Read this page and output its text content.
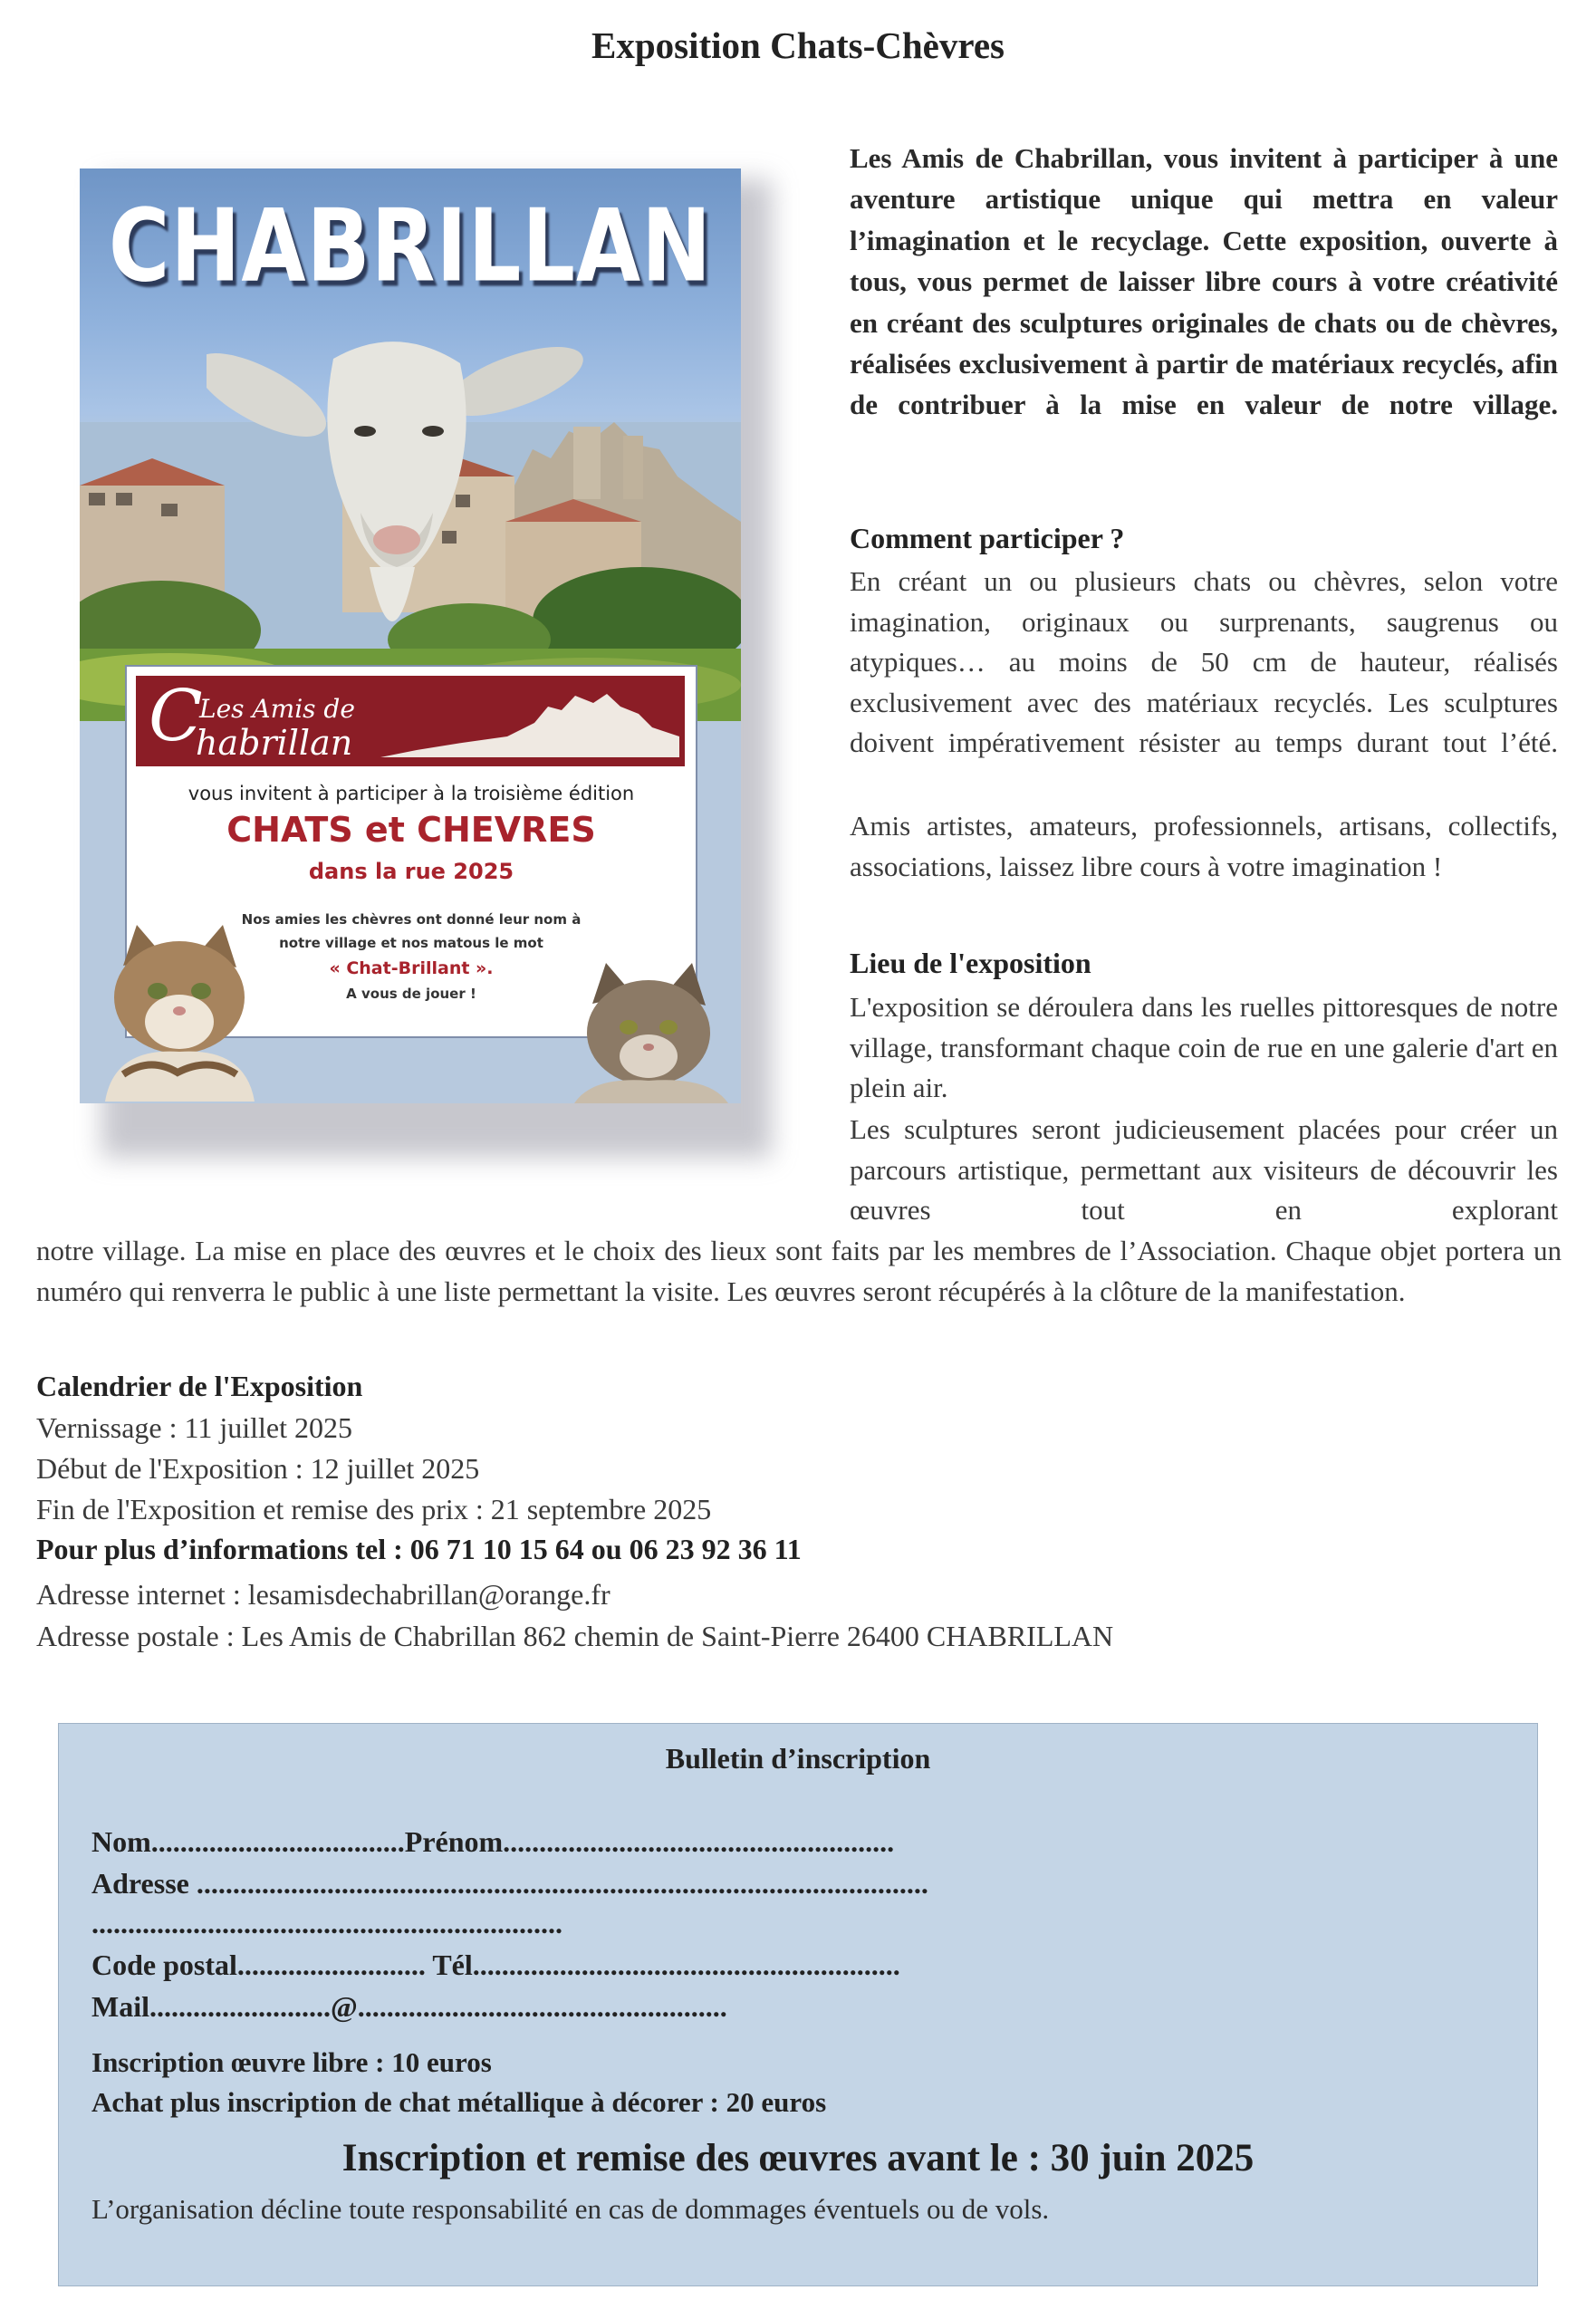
Exposition Chats-Chèvres
CHABRILLAN
C
Les Amis de
habrillan
vous invitent à participer à la troisième édition
CHATS et CHEVRES
dans la rue 2025
Nos amies les chèvres ont donné leur nom à
notre village et nos matous le mot
« Chat-Brillant ».
A vous de jouer !
Les Amis de Chabrillan, vous invitent à participer à une aventure artistique unique qui mettra en valeur l’imagination et le recyclage. Cette exposition, ouverte à tous, vous permet de laisser libre cours à votre créativité en créant des sculptures originales de chats ou de chèvres, réalisées exclusivement à partir de matériaux recyclés, afin de contribuer à la mise en valeur de notre village.
Comment participer ?
En créant un ou plusieurs chats ou chèvres, selon votre imagination, originaux ou surprenants, saugrenus ou atypiques… au moins de 50 cm de hauteur, réalisés exclusivement avec des matériaux recyclés. Les sculptures doivent impérativement résister au temps durant tout l’été.
Amis artistes, amateurs, professionnels, artisans, collectifs, associations, laissez libre cours à votre imagination !
Lieu de l'exposition
L'exposition se déroulera dans les ruelles pittoresques de notre village, transformant chaque coin de rue en une galerie d'art en plein air.
Les sculptures seront judicieusement placées pour créer un parcours artistique, permettant aux visiteurs de découvrir les œuvres tout en explorant
notre village. La mise en place des œuvres et le choix des lieux sont faits par les membres de l’Association. Chaque objet portera un numéro qui renverra le public à une liste permettant la visite. Les œuvres seront récupérés à la clôture de la manifestation.
Calendrier de l'Exposition
Vernissage : 11 juillet 2025
Début de l'Exposition : 12 juillet 2025
Fin de l'Exposition et remise des prix : 21 septembre 2025
Pour plus d’informations tel : 06 71 10 15 64 ou 06 23 92 36 11
Adresse internet : lesamisdechabrillan@orange.fr
Adresse postale : Les Amis de Chabrillan 862 chemin de Saint-Pierre 26400 CHABRILLAN
Bulletin d’inscription
Nom...................................Prénom......................................................
Adresse .....................................................................................................
.................................................................
Code postal.......................... Tél...........................................................
Mail.........................@...................................................
Inscription œuvre libre : 10 euros
Achat plus inscription de chat métallique à décorer : 20 euros
Inscription et remise des œuvres avant le : 30 juin 2025
L’organisation décline toute responsabilité en cas de dommages éventuels ou de vols.
